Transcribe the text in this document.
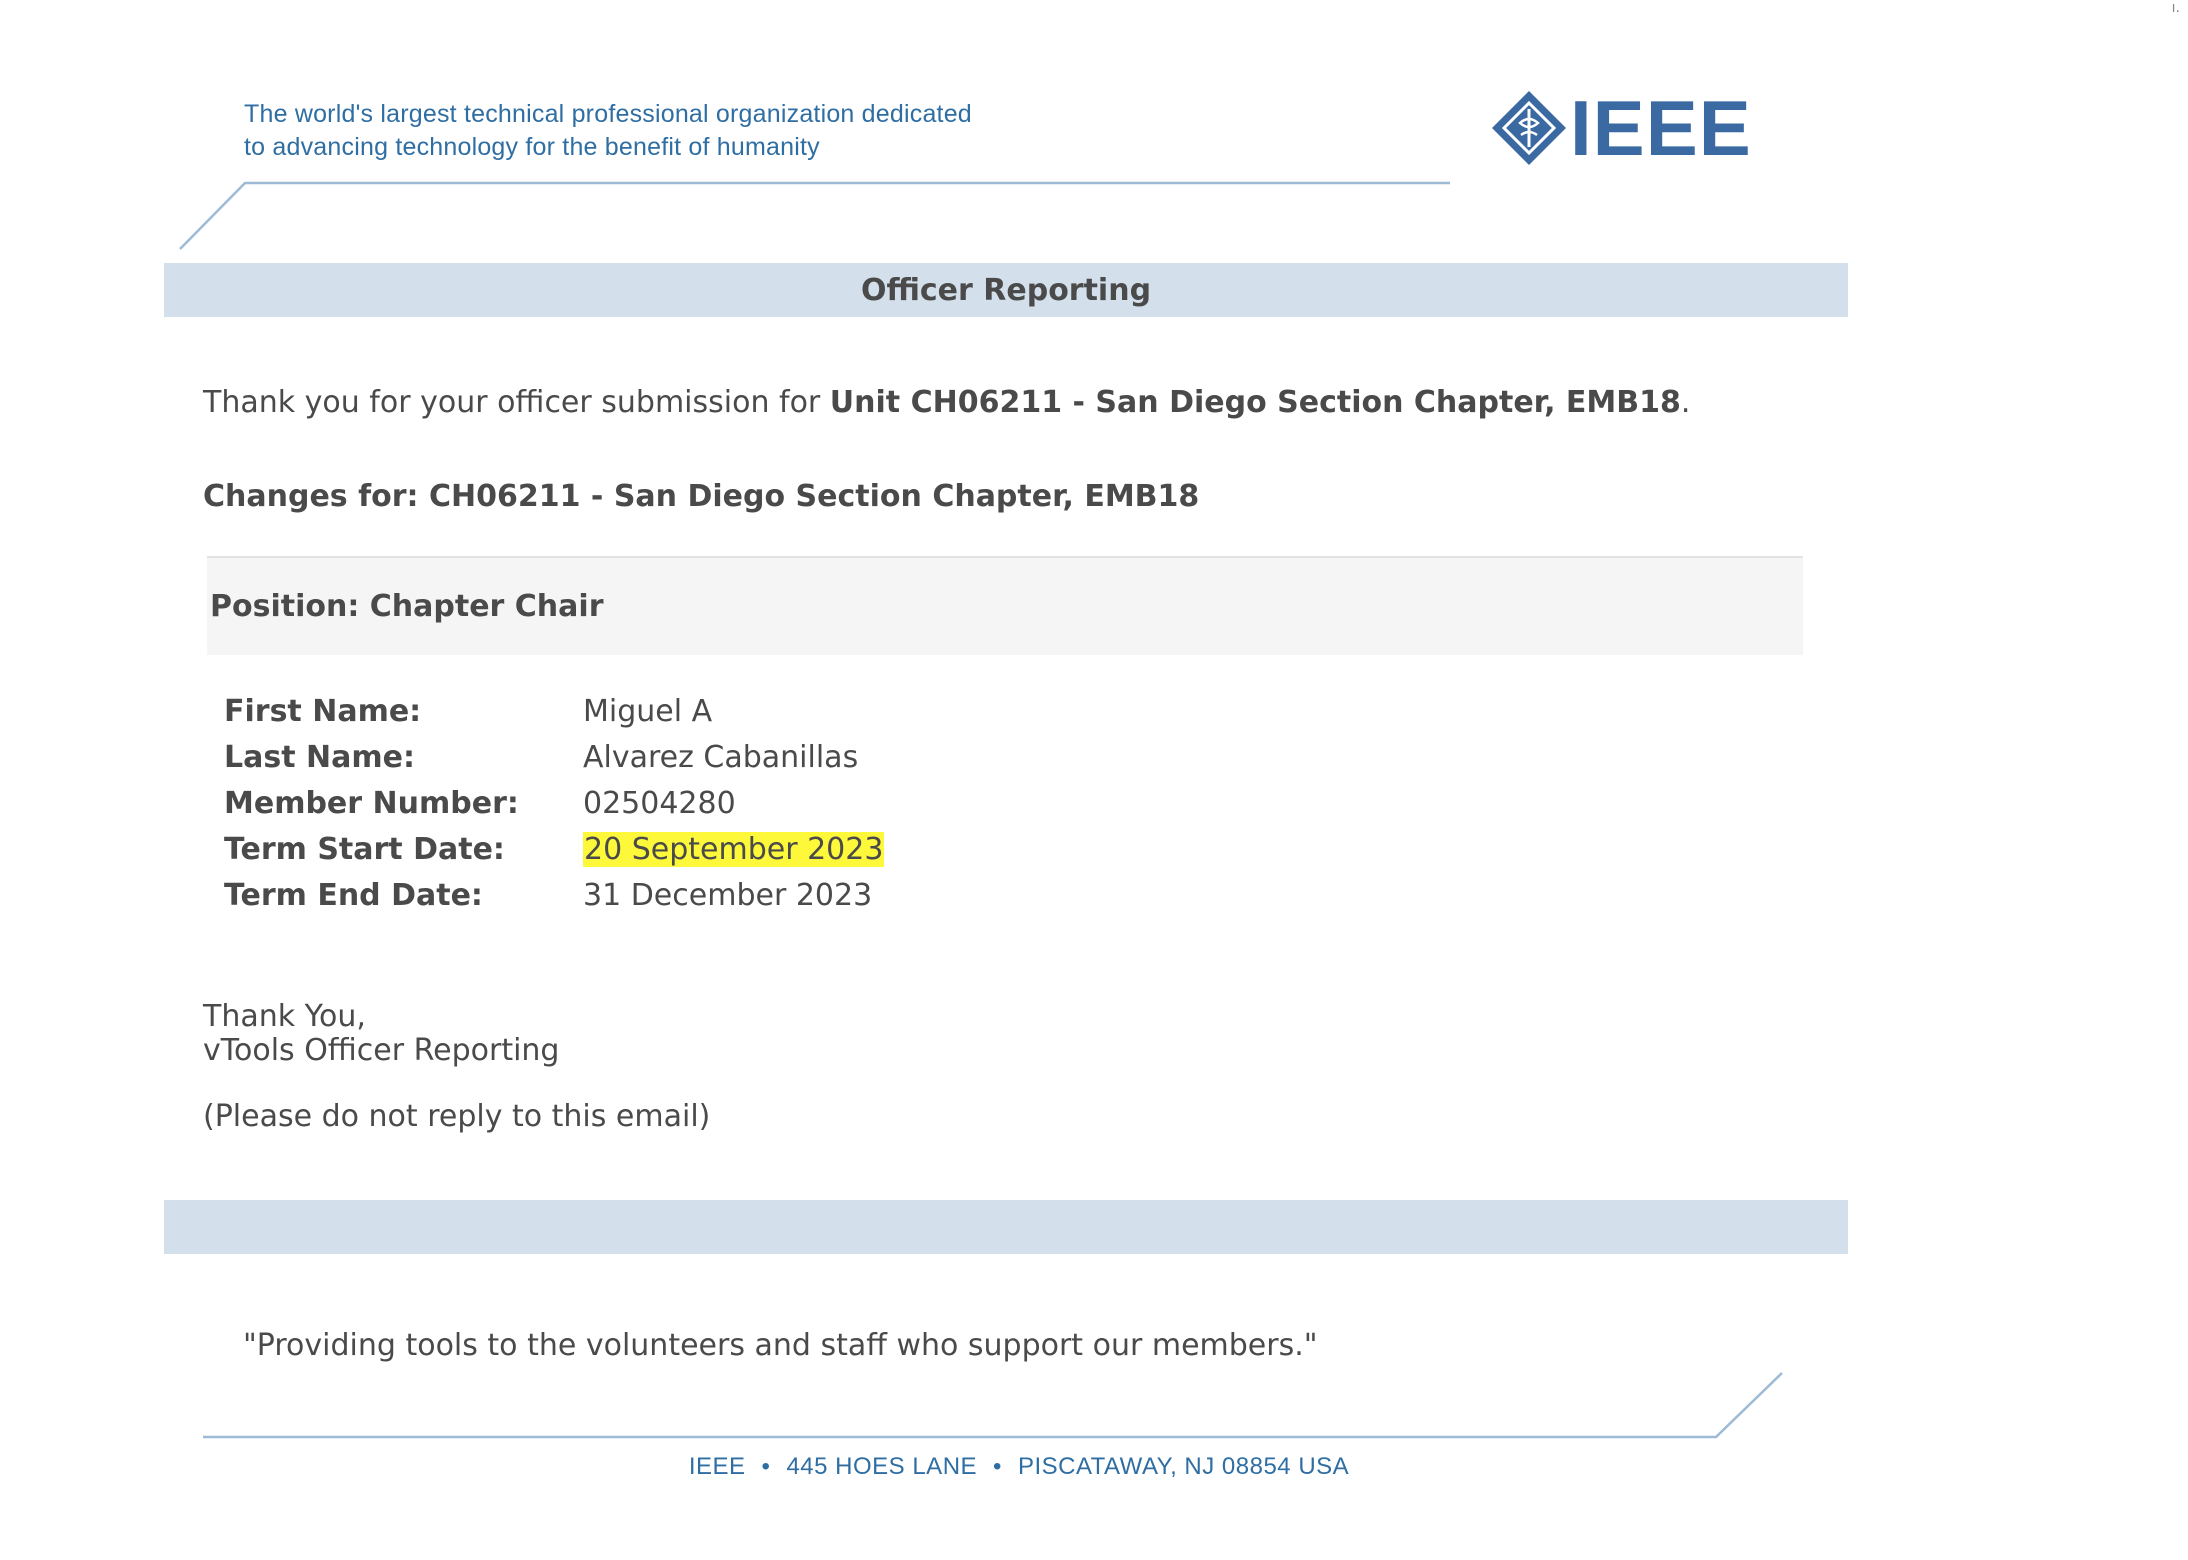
ı.
The world's largest technical professional organization dedicated
to advancing technology for the benefit of humanity	IEEE
Officer Reporting
Thank you for your officer submission for Unit CH06211 - San Diego Section Chapter, EMB18.
Changes for: CH06211 - San Diego Section Chapter, EMB18
Position: Chapter Chair
First Name:	Miguel A
Last Name:	Alvarez Cabanillas
Member Number:	02504280
Term Start Date:	20 September 2023
Term End Date:	31 December 2023
Thank You,
vTools Officer Reporting
(Please do not reply to this email)
"Providing tools to the volunteers and staff who support our members."
IEEE • 445 HOES LANE • PISCATAWAY, NJ 08854 USA
